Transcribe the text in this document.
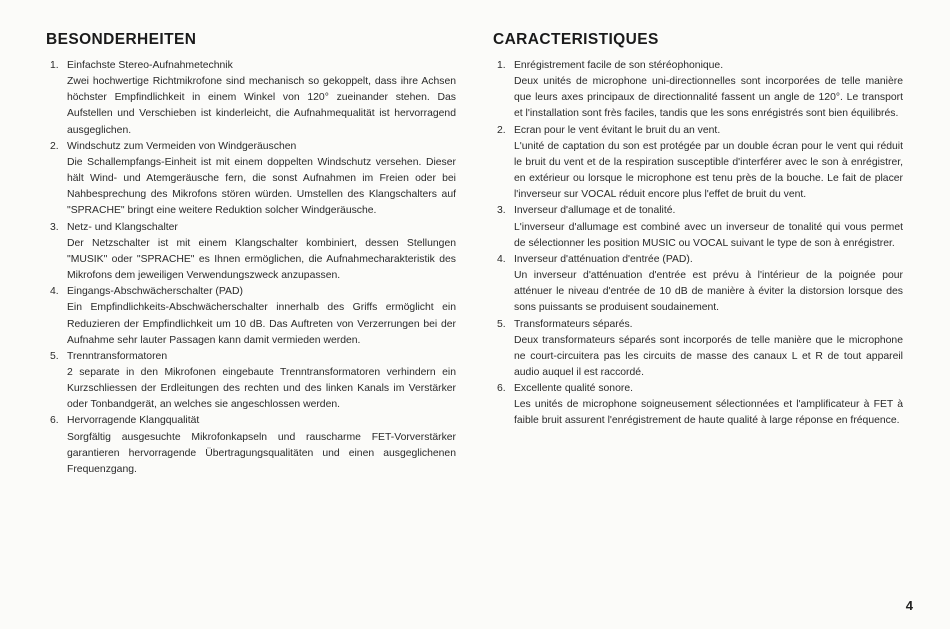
BESONDERHEITEN
1. Einfachste Stereo-Aufnahmetechnik
Zwei hochwertige Richtmikrofone sind mechanisch so gekoppelt, dass ihre Achsen höchster Empfindlichkeit in einem Winkel von 120° zueinander stehen. Das Aufstellen und Verschieben ist kinderleicht, die Aufnahmequalität ist hervorragend ausgeglichen.
2. Windschutz zum Vermeiden von Windgeräuschen
Die Schallempfangs-Einheit ist mit einem doppelten Windschutz versehen. Dieser hält Wind- und Atemgeräusche fern, die sonst Aufnahmen im Freien oder bei Nahbesprechung des Mikrofons stören würden. Umstellen des Klangschalters auf "SPRACHE" bringt eine weitere Reduktion solcher Windgeräusche.
3. Netz- und Klangschalter
Der Netzschalter ist mit einem Klangschalter kombiniert, dessen Stellungen "MUSIK" oder "SPRACHE" es Ihnen ermöglichen, die Aufnahmecharakteristik des Mikrofons dem jeweiligen Verwendungszweck anzupassen.
4. Eingangs-Abschwächerschalter (PAD)
Ein Empfindlichkeits-Abschwächerschalter innerhalb des Griffs ermöglicht ein Reduzieren der Empfindlichkeit um 10 dB. Das Auftreten von Verzerrungen bei der Aufnahme sehr lauter Passagen kann damit vermieden werden.
5. Trenntransformatoren
2 separate in den Mikrofonen eingebaute Trenntransformatoren verhindern ein Kurzschliessen der Erdleitungen des rechten und des linken Kanals im Verstärker oder Tonbandgerät, an welches sie angeschlossen werden.
6. Hervorragende Klangqualität
Sorgfältig ausgesuchte Mikrofonkapseln und rauscharme FET-Vorverstärker garantieren hervorragende Übertragungsqualitäten und einen ausgeglichenen Frequenzgang.
CARACTERISTIQUES
1. Enrégistrement facile de son stéréophonique.
Deux unités de microphone uni-directionnelles sont incorporées de telle manière que leurs axes principaux de directionnalité fassent un angle de 120°. Le transport et l'installation sont frès faciles, tandis que les sons enrégistrés sont bien équilibrés.
2. Ecran pour le vent évitant le bruit du an vent.
L'unité de captation du son est protégée par un double écran pour le vent qui réduit le bruit du vent et de la respiration susceptible d'interférer avec le son à enrégistrer, en extérieur ou lorsque le microphone est tenu près de la bouche. Le fait de placer l'inverseur sur VOCAL réduit encore plus l'effet de bruit du vent.
3. Inverseur d'allumage et de tonalité.
L'inverseur d'allumage est combiné avec un inverseur de tonalité qui vous permet de sélectionner les position MUSIC ou VOCAL suivant le type de son à enrégistrer.
4. Inverseur d'atténuation d'entrée (PAD).
Un inverseur d'atténuation d'entrée est prévu à l'intérieur de la poignée pour atténuer le niveau d'entrée de 10 dB de manière à éviter la distorsion lorsque des sons puissants se produisent soudainement.
5. Transformateurs séparés.
Deux transformateurs séparés sont incorporés de telle manière que le microphone ne court-circuitera pas les circuits de masse des canaux L et R de tout appareil audio auquel il est raccordé.
6. Excellente qualité sonore.
Les unités de microphone soigneusement sélectionnées et l'amplificateur à FET à faible bruit assurent l'enrégistrement de haute qualité à large réponse en fréquence.
4
